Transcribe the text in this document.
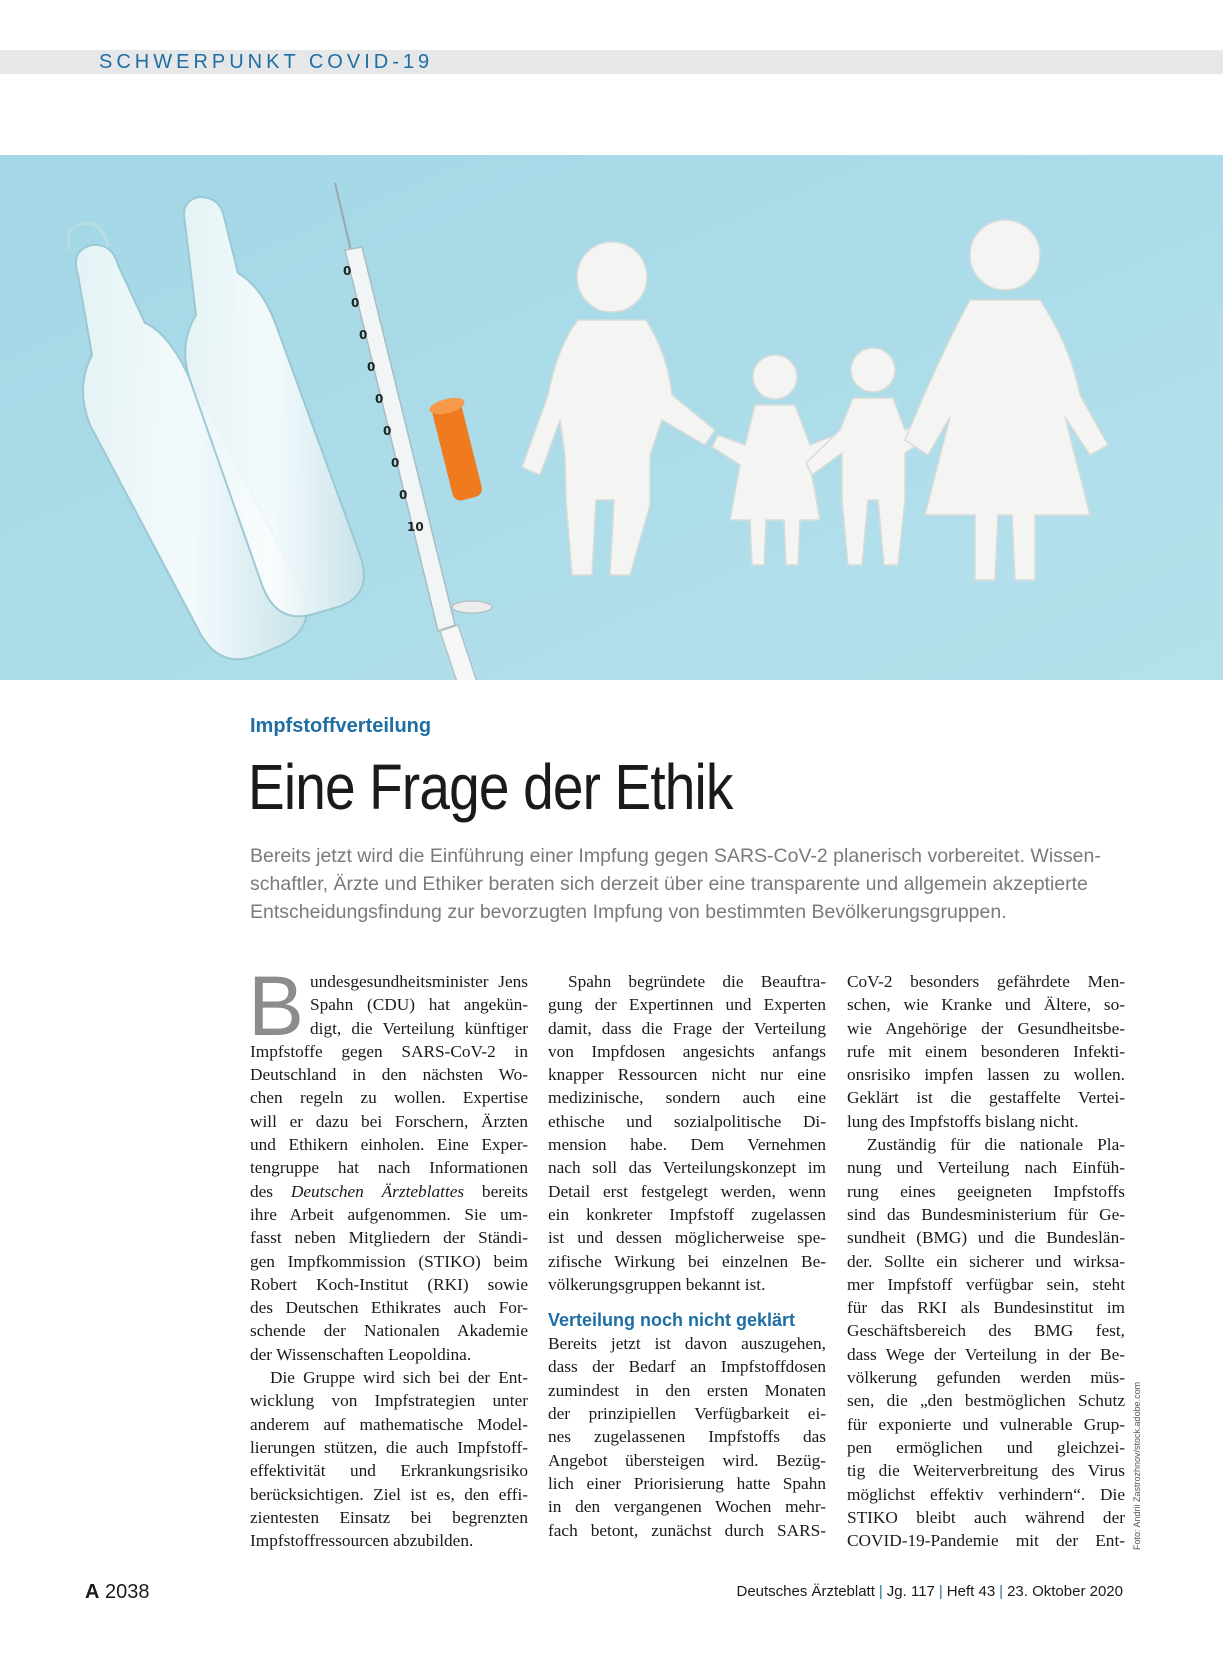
SCHWERPUNKT COVID-19
0
0
0
0
0
0
0
0
10
Impfstoffverteilung
Eine Frage der Ethik
Bereits jetzt wird die Einführung einer Impfung gegen SARS-CoV-2 planerisch vorbereitet. Wissen-
schaftler, Ärzte und Ethiker beraten sich derzeit über eine transparente und allgemein akzeptierte
Entscheidungsfindung zur bevorzugten Impfung von bestimmten Bevölkerungsgruppen.
B undesgesundheitsminister Jens
Spahn (CDU) hat angekün-
digt, die Verteilung künftiger
Impfstoffe gegen SARS-CoV-2 in
Deutschland in den nächsten Wo-
chen regeln zu wollen. Expertise
will er dazu bei Forschern, Ärzten
und Ethikern einholen. Eine Exper-
tengruppe hat nach Informationen
des Deutschen Ärzteblattes bereits
ihre Arbeit aufgenommen. Sie um-
fasst neben Mitgliedern der Ständi-
gen Impfkommission (STIKO) beim
Robert Koch-Institut (RKI) sowie
des Deutschen Ethikrates auch For-
schende der Nationalen Akademie
der Wissenschaften Leopoldina.
Die Gruppe wird sich bei der Ent-
wicklung von Impfstrategien unter
anderem auf mathematische Model-
lierungen stützen, die auch Impfstoff-
effektivität und Erkrankungsrisiko
berücksichtigen. Ziel ist es, den effi-
zientesten Einsatz bei begrenzten
Impfstoffressourcen abzubilden.
Spahn begründete die Beauftra-
gung der Expertinnen und Experten
damit, dass die Frage der Verteilung
von Impfdosen angesichts anfangs
knapper Ressourcen nicht nur eine
medizinische, sondern auch eine
ethische und sozialpolitische Di-
mension habe. Dem Vernehmen
nach soll das Verteilungskonzept im
Detail erst festgelegt werden, wenn
ein konkreter Impfstoff zugelassen
ist und dessen möglicherweise spe-
zifische Wirkung bei einzelnen Be-
völkerungsgruppen bekannt ist.
Verteilung noch nicht geklärt
Bereits jetzt ist davon auszugehen,
dass der Bedarf an Impfstoffdosen
zumindest in den ersten Monaten
der prinzipiellen Verfügbarkeit ei-
nes zugelassenen Impfstoffs das
Angebot übersteigen wird. Bezüg-
lich einer Priorisierung hatte Spahn
in den vergangenen Wochen mehr-
fach betont, zunächst durch SARS-
CoV-2 besonders gefährdete Men-
schen, wie Kranke und Ältere, so-
wie Angehörige der Gesundheitsbe-
rufe mit einem besonderen Infekti-
onsrisiko impfen lassen zu wollen.
Geklärt ist die gestaffelte Vertei-
lung des Impfstoffs bislang nicht.
Zuständig für die nationale Pla-
nung und Verteilung nach Einfüh-
rung eines geeigneten Impfstoffs
sind das Bundesministerium für Ge-
sundheit (BMG) und die Bundeslän-
der. Sollte ein sicherer und wirksa-
mer Impfstoff verfügbar sein, steht
für das RKI als Bundesinstitut im
Geschäftsbereich des BMG fest,
dass Wege der Verteilung in der Be-
völkerung gefunden werden müs-
sen, die „den bestmöglichen Schutz
für exponierte und vulnerable Grup-
pen ermöglichen und gleichzei-
tig die Weiterverbreitung des Virus
möglichst effektiv verhindern“. Die
STIKO bleibt auch während der
COVID-19-Pandemie mit der Ent- Foto: Andrii Zastrozhnov/stock.adobe.com
A 2038	Deutsches Ärzteblatt | Jg. 117 | Heft 43 | 23. Oktober 2020
